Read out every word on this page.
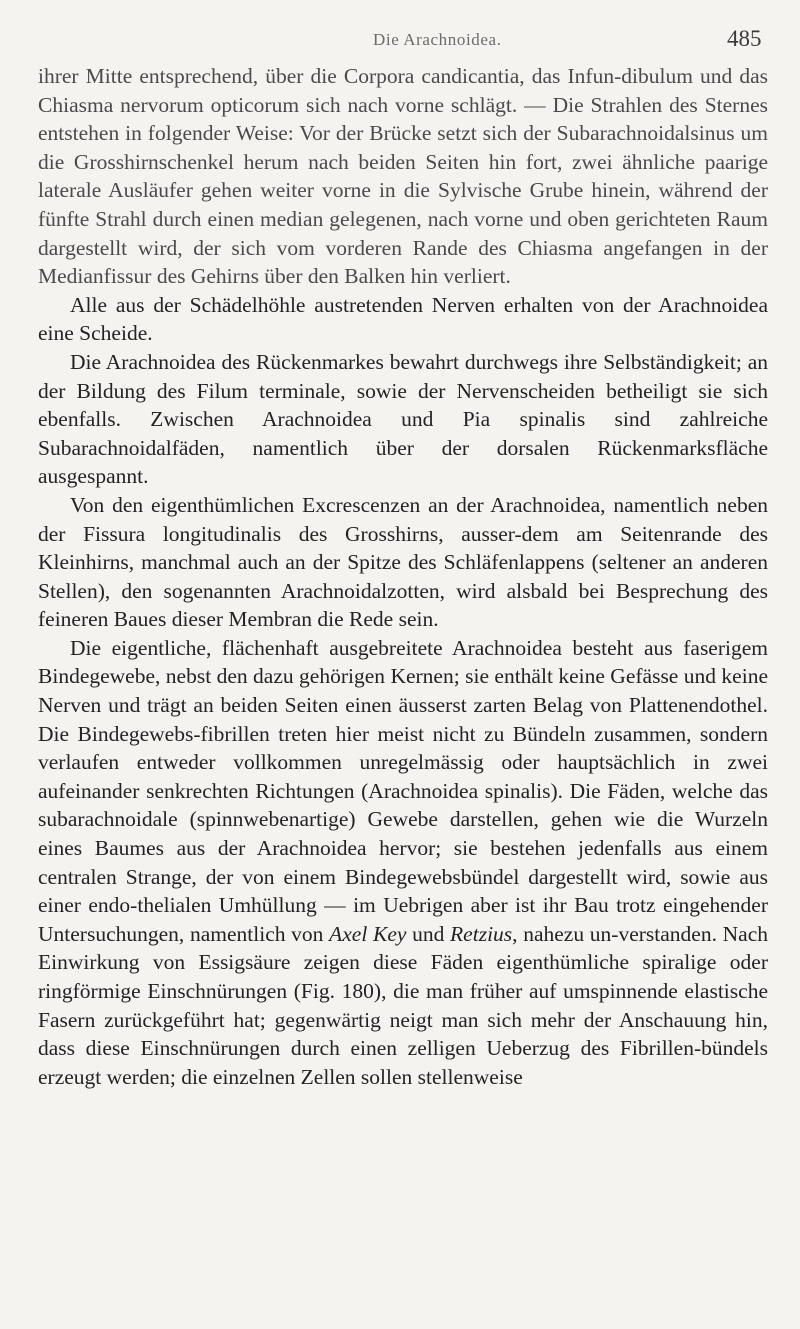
Die Arachnoidea.	485

ihrer Mitte entsprechend, über die Corpora candicantia, das Infun-dibulum und das Chiasma nervorum opticorum sich nach vorne schlägt. — Die Strahlen des Sternes entstehen in folgender Weise: Vor der Brücke setzt sich der Subarachnoidalsinus um die Grosshirnschenkel herum nach beiden Seiten hin fort, zwei ähnliche paarige laterale Ausläufer gehen weiter vorne in die Sylvische Grube hinein, während der fünfte Strahl durch einen median gelegenen, nach vorne und oben gerichteten Raum dargestellt wird, der sich vom vorderen Rande des Chiasma angefangen in der Medianfissur des Gehirns über den Balken hin verliert.

Alle aus der Schädelhöhle austretenden Nerven erhalten von der Arachnoidea eine Scheide.

Die Arachnoidea des Rückenmarkes bewahrt durchwegs ihre Selbständigkeit; an der Bildung des Filum terminale, sowie der Nervenscheiden betheiligt sie sich ebenfalls. Zwischen Arachnoidea und Pia spinalis sind zahlreiche Subarachnoidalfäden, namentlich über der dorsalen Rückenmarksfläche ausgespannt.

Von den eigenthümlichen Excrescenzen an der Arachnoidea, namentlich neben der Fissura longitudinalis des Grosshirns, ausser-dem am Seitenrande des Kleinhirns, manchmal auch an der Spitze des Schläfenlappens (seltener an anderen Stellen), den sogenannten Arachnoidalzotten, wird alsbald bei Besprechung des feineren Baues dieser Membran die Rede sein.

Die eigentliche, flächenhaft ausgebreitete Arachnoidea besteht aus faserigem Bindegewebe, nebst den dazu gehörigen Kernen; sie enthält keine Gefässe und keine Nerven und trägt an beiden Seiten einen äusserst zarten Belag von Plattenendothel. Die Bindegewebs-fibrillen treten hier meist nicht zu Bündeln zusammen, sondern verlaufen entweder vollkommen unregelmässig oder hauptsächlich in zwei aufeinander senkrechten Richtungen (Arachnoidea spinalis). Die Fäden, welche das subarachnoidale (spinnwebenartige) Gewebe darstellen, gehen wie die Wurzeln eines Baumes aus der Arachnoidea hervor; sie bestehen jedenfalls aus einem centralen Strange, der von einem Bindegewebsbündel dargestellt wird, sowie aus einer endo-thelialen Umhüllung — im Uebrigen aber ist ihr Bau trotz eingehender Untersuchungen, namentlich von Axel Key und Retzius, nahezu un-verstanden. Nach Einwirkung von Essigsäure zeigen diese Fäden eigenthümliche spiralige oder ringförmige Einschnürungen (Fig. 180), die man früher auf umspinnende elastische Fasern zurückgeführt hat; gegenwärtig neigt man sich mehr der Anschauung hin, dass diese Einschnürungen durch einen zelligen Ueberzug des Fibrillen-bündels erzeugt werden; die einzelnen Zellen sollen stellenweise
